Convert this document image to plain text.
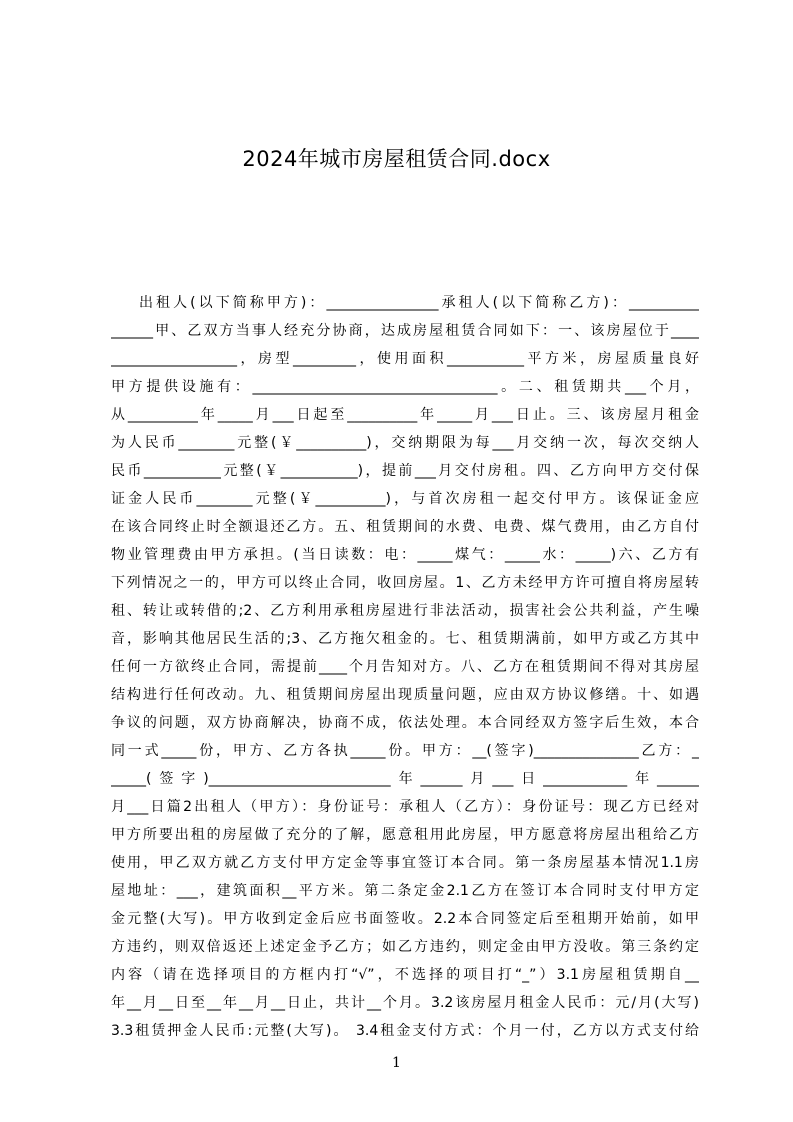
2024年城市房屋租赁合同.docx
出租人(以下简称甲方)：________________承租人(以下简称乙方)：__________
______甲、乙双方当事人经充分协商，达成房屋租赁合同如下：一、该房屋位于____
__________________，房型_________，使用面积___________平方米，房屋质量良好
甲方提供设施有：___________________________________。二、租赁期共___个月，
从__________年_____月___日起至__________年_____月___日止。三、该房屋月租金
为人民币________元整(￥__________)，交纳期限为每___月交纳一次，每次交纳人
民币___________元整(￥___________)，提前___月交付房租。四、乙方向甲方交付保
证金人民币________元整(￥__________)，与首次房租一起交付甲方。该保证金应
在该合同终止时全额退还乙方。五、租赁期间的水费、电费、煤气费用，由乙方自付
物业管理费由甲方承担。(当日读数：电：_____煤气：_____水：_____)六、乙方有
下列情况之一的，甲方可以终止合同，收回房屋。1、乙方未经甲方许可擅自将房屋转
租、转让或转借的;2、乙方利用承租房屋进行非法活动，损害社会公共利益，产生噪
音，影响其他居民生活的;3、乙方拖欠租金的。七、租赁期满前，如甲方或乙方其中
任何一方欲终止合同，需提前____个月告知对方。八、乙方在租赁期间不得对其房屋
结构进行任何改动。九、租赁期间房屋出现质量问题，应由双方协议修缮。十、如遇
争议的问题，双方协商解决，协商不成，依法处理。本合同经双方签字后生效，本合
同一式_____份，甲方、乙方各执_____份。甲方：__(签字)_______________乙方：_
_____(签字)__________________________年______月___日____________年______
月___日篇2出租人（甲方）：身份证号：承租人（乙方）：身份证号：现乙方已经对
甲方所要出租的房屋做了充分的了解，愿意租用此房屋，甲方愿意将房屋出租给乙方
使用，甲乙双方就乙方支付甲方定金等事宜签订本合同。第一条房屋基本情况1.1房
屋地址：___，建筑面积__平方米。第二条定金2.1乙方在签订本合同时支付甲方定
金元整(大写)。甲方收到定金后应书面签收。2.2本合同签定后至租期开始前，如甲
方违约，则双倍返还上述定金予乙方；如乙方违约，则定金由甲方没收。第三条约定
内容（请在选择项目的方框内打“√”，不选择的项目打“_”）3.1房屋租赁期自__
年__月__日至__年__月__日止，共计__个月。3.2该房屋月租金人民币：元/月(大写)
3.3租赁押金人民币:元整(大写)。 3.4租金支付方式：个月一付，乙方以方式支付给
1
